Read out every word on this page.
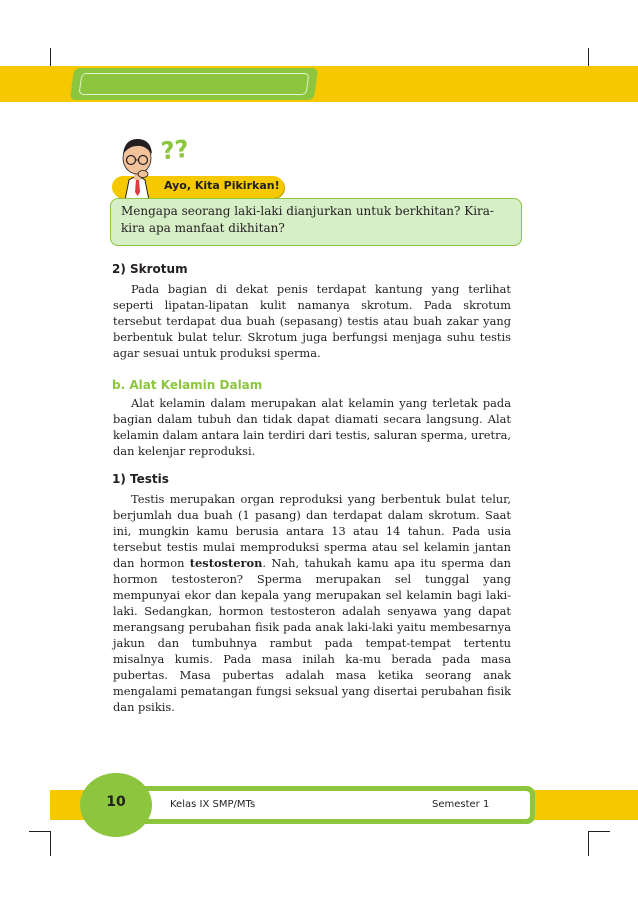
Ayo, Kita Pikirkan!
??

Mengapa seorang laki-laki dianjurkan untuk berkhitan? Kira-kira apa manfaat dikhitan?

2) Skrotum

Pada bagian di dekat penis terdapat kantung yang terlihat seperti lipatan-lipatan kulit namanya skrotum. Pada skrotum tersebut terdapat dua buah (sepasang) testis atau buah zakar yang berbentuk bulat telur. Skrotum juga berfungsi menjaga suhu testis agar sesuai untuk produksi sperma.

b. Alat Kelamin Dalam

Alat kelamin dalam merupakan alat kelamin yang terletak pada bagian dalam tubuh dan tidak dapat diamati secara langsung. Alat kelamin dalam antara lain terdiri dari testis, saluran sperma, uretra, dan kelenjar reproduksi.

1) Testis

Testis merupakan organ reproduksi yang berbentuk bulat telur, berjumlah dua buah (1 pasang) dan terdapat dalam skrotum. Saat ini, mungkin kamu berusia antara 13 atau 14 tahun. Pada usia tersebut testis mulai memproduksi sperma atau sel kelamin jantan dan hormon testosteron. Nah, tahukah kamu apa itu sperma dan hormon testosteron? Sperma merupakan sel tunggal yang mempunyai ekor dan kepala yang merupakan sel kelamin bagi laki-laki. Sedangkan, hormon testosteron adalah senyawa yang dapat merangsang perubahan fisik pada anak laki-laki yaitu membesarnya jakun dan tumbuhnya rambut pada tempat-tempat tertentu misalnya kumis. Pada masa inilah ka-mu berada pada masa pubertas. Masa pubertas adalah masa ketika seorang anak mengalami pematangan fungsi seksual yang disertai perubahan fisik dan psikis.

10	Kelas IX SMP/MTs	Semester 1
